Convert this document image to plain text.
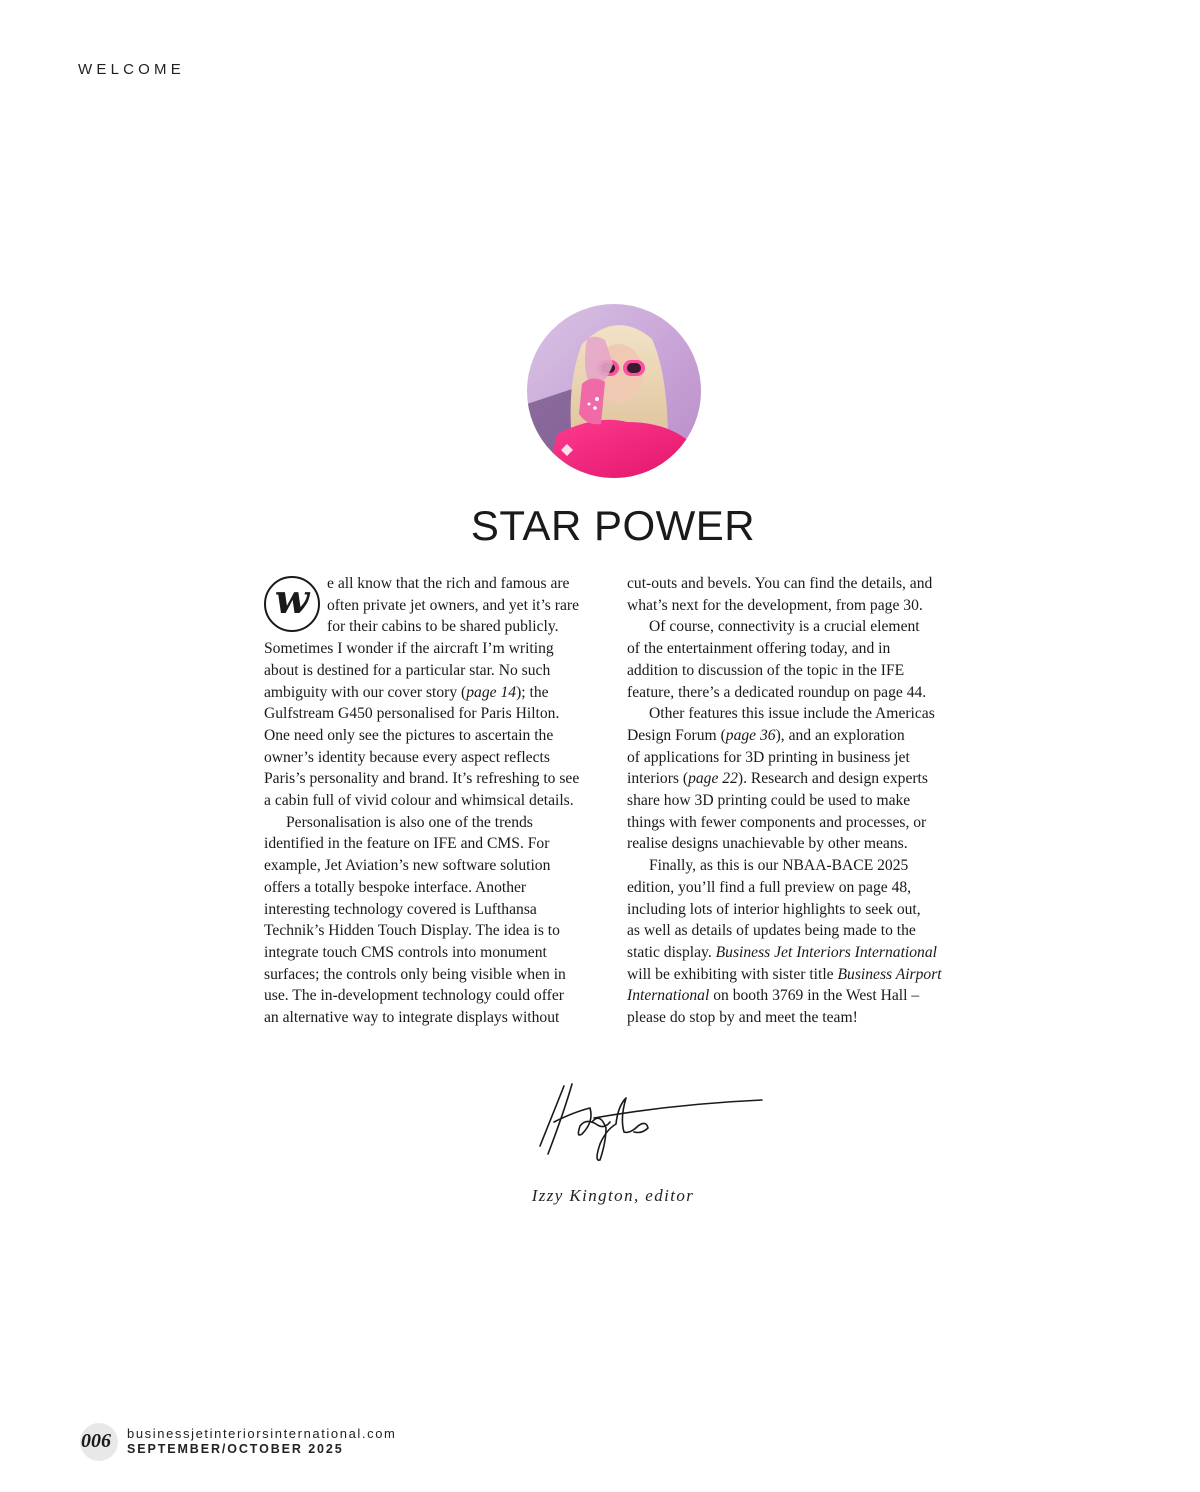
WELCOME
STAR POWER
w	e all know that the rich and famous are
often private jet owners, and yet it’s rare
for their cabins to be shared publicly.
Sometimes I wonder if the aircraft I’m writing
about is destined for a particular star. No such
ambiguity with our cover story (page 14); the
Gulfstream G450 personalised for Paris Hilton.
One need only see the pictures to ascertain the
owner’s identity because every aspect reflects
Paris’s personality and brand. It’s refreshing to see
a cabin full of vivid colour and whimsical details.
Personalisation is also one of the trends
identified in the feature on IFE and CMS. For
example, Jet Aviation’s new software solution
offers a totally bespoke interface. Another
interesting technology covered is Lufthansa
Technik’s Hidden Touch Display. The idea is to
integrate touch CMS controls into monument
surfaces; the controls only being visible when in
use. The in-development technology could offer
an alternative way to integrate displays without
cut-outs and bevels. You can find the details, and
what’s next for the development, from page 30.
Of course, connectivity is a crucial element
of the entertainment offering today, and in
addition to discussion of the topic in the IFE
feature, there’s a dedicated roundup on page 44.
Other features this issue include the Americas
Design Forum (page 36), and an exploration
of applications for 3D printing in business jet
interiors (page 22). Research and design experts
share how 3D printing could be used to make
things with fewer components and processes, or
realise designs unachievable by other means.
Finally, as this is our NBAA-BACE 2025
edition, you’ll find a full preview on page 48,
including lots of interior highlights to seek out,
as well as details of updates being made to the
static display. Business Jet Interiors International
will be exhibiting with sister title Business Airport
International on booth 3769 in the West Hall –
please do stop by and meet the team!
Izzy Kington, editor
006 businessjetinteriorsinternational.com
SEPTEMBER/OCTOBER 2025
